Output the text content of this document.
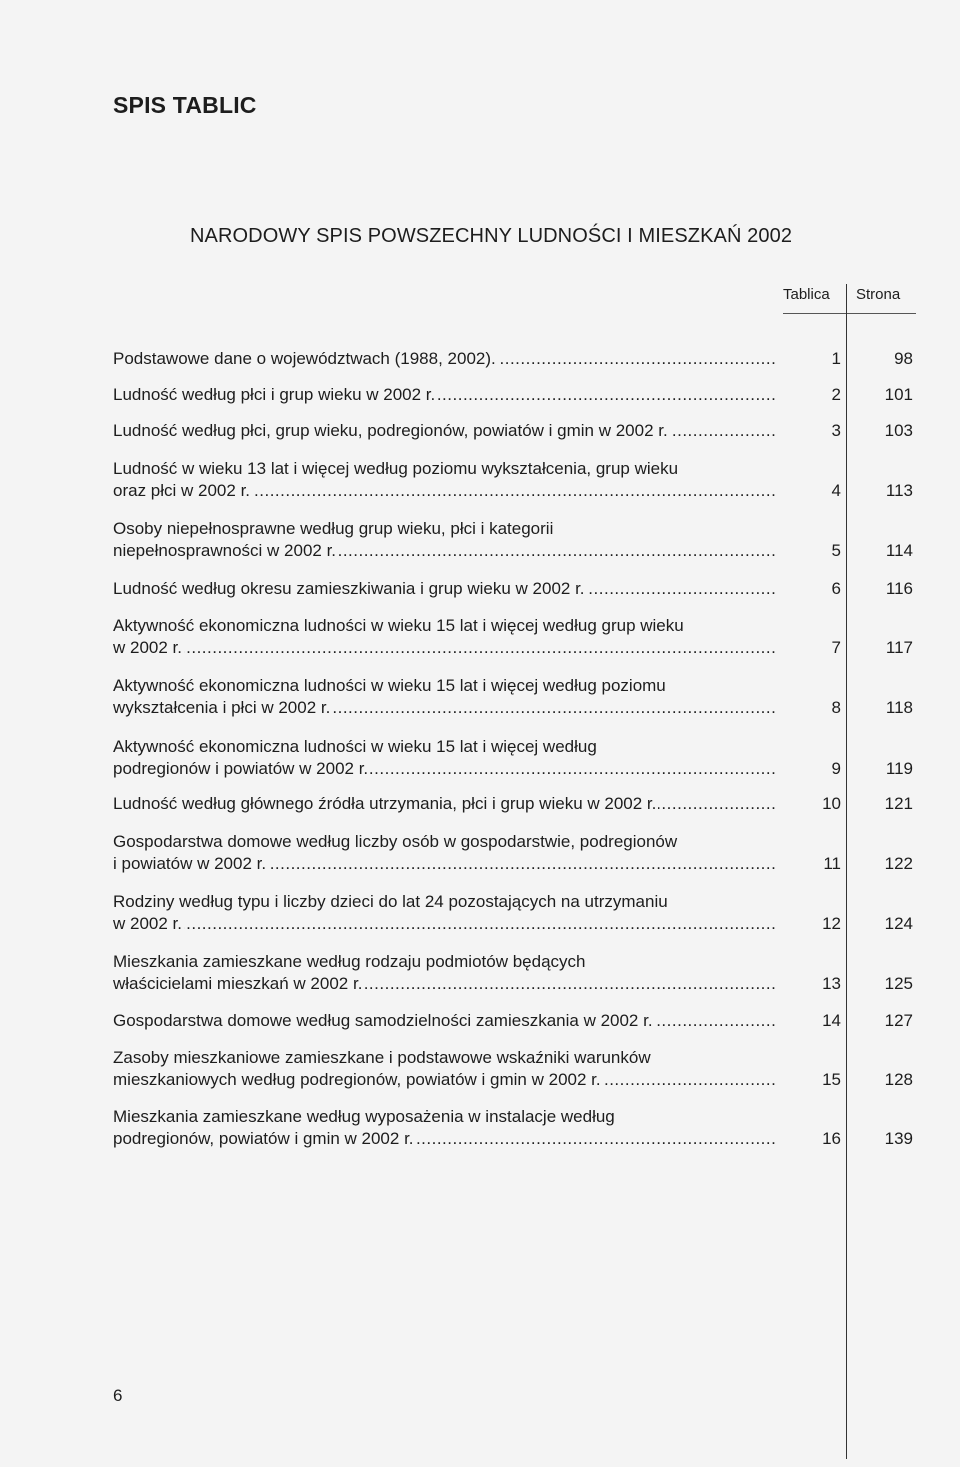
SPIS TABLIC
NARODOWY SPIS POWSZECHNY LUDNOŚCI I MIESZKAŃ 2002
Tablica Strona
.....
Podstawowe dane o województwach (1988, 2002).	1	98
.....
Ludność według płci i grup wieku w 2002 r.	2	101
.....
Ludność według płci, grup wieku, podregionów, powiatów i gmin w 2002 r.	3	103
Ludność w wieku 13 lat i więcej według poziomu wykształcenia, grup wieku
.....
oraz płci w 2002 r.	4	113
Osoby niepełnosprawne według grup wieku, płci i kategorii
.....
niepełnosprawności w 2002 r.	5	114
.....
Ludność według okresu zamieszkiwania i grup wieku w 2002 r.	6	116
Aktywność ekonomiczna ludności w wieku 15 lat i więcej według grup wieku
.....
w 2002 r.	7	117
Aktywność ekonomiczna ludności w wieku 15 lat i więcej według poziomu
.....
wykształcenia i płci w 2002 r.	8	118
Aktywność ekonomiczna ludności w wieku 15 lat i więcej według
.....
podregionów i powiatów w 2002 r.	9	119
.....
Ludność według głównego źródła utrzymania, płci i grup wieku w 2002 r.	10	121
Gospodarstwa domowe według liczby osób w gospodarstwie, podregionów
.....
i powiatów w 2002 r.	11	122
Rodziny według typu i liczby dzieci do lat 24 pozostających na utrzymaniu
.....
w 2002 r.	12	124
Mieszkania zamieszkane według rodzaju podmiotów będących
.....
właścicielami mieszkań w 2002 r.	13	125
.....
Gospodarstwa domowe według samodzielności zamieszkania w 2002 r.	14	127
Zasoby mieszkaniowe zamieszkane i podstawowe wskaźniki warunków
.....
mieszkaniowych według podregionów, powiatów i gmin w 2002 r.	15	128
Mieszkania zamieszkane według wyposażenia w instalacje według
.....
podregionów, powiatów i gmin w 2002 r.	16	139
6
